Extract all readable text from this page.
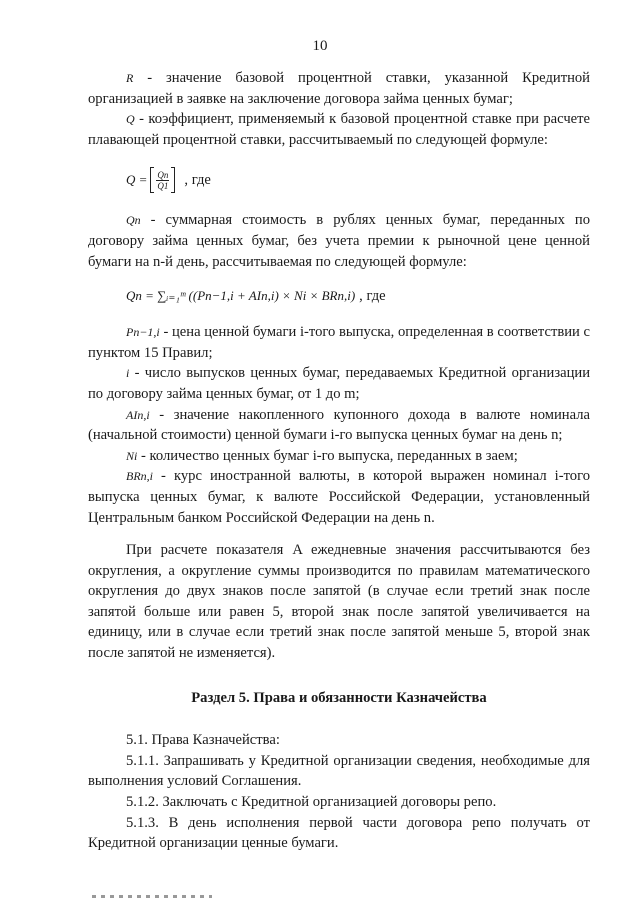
10

R - значение базовой процентной ставки, указанной Кредитной организацией в заявке на заключение договора займа ценных бумаг;

Q - коэффициент, применяемый к базовой процентной ставке при расчете плавающей процентной ставки, рассчитываемый по следующей формуле:

$Q = \frac{Qn}{Q1}$ , где

Qn - суммарная стоимость в рублях ценных бумаг, переданных по договору займа ценных бумаг, без учета премии к рыночной цене ценной бумаги на n-й день, рассчитываемая по следующей формуле:

Qn = ∑ᵢ₌₁ᵐ ((Pn−1,i + AIn,i) × Ni × BRn,i) , где

Pn−1,i - цена ценной бумаги i-того выпуска, определенная в соответствии с пунктом 15 Правил;

i - число выпусков ценных бумаг, передаваемых Кредитной организации по договору займа ценных бумаг, от 1 до m;

AIn,i - значение накопленного купонного дохода в валюте номинала (начальной стоимости) ценной бумаги i-го выпуска ценных бумаг на день n;

Ni - количество ценных бумаг i-го выпуска, переданных в заем;

BRn,i - курс иностранной валюты, в которой выражен номинал i-того выпуска ценных бумаг, к валюте Российской Федерации, установленный Центральным банком Российской Федерации на день n.

При расчете показателя A ежедневные значения рассчитываются без округления, а округление суммы производится по правилам математического округления до двух знаков после запятой (в случае если третий знак после запятой больше или равен 5, второй знак после запятой увеличивается на единицу, или в случае если третий знак после запятой меньше 5, второй знак после запятой не изменяется).

Раздел 5. Права и обязанности Казначейства

5.1. Права Казначейства:

5.1.1. Запрашивать у Кредитной организации сведения, необходимые для выполнения условий Соглашения.

5.1.2. Заключать с Кредитной организацией договоры репо.

5.1.3. В день исполнения первой части договора репо получать от Кредитной организации ценные бумаги.
